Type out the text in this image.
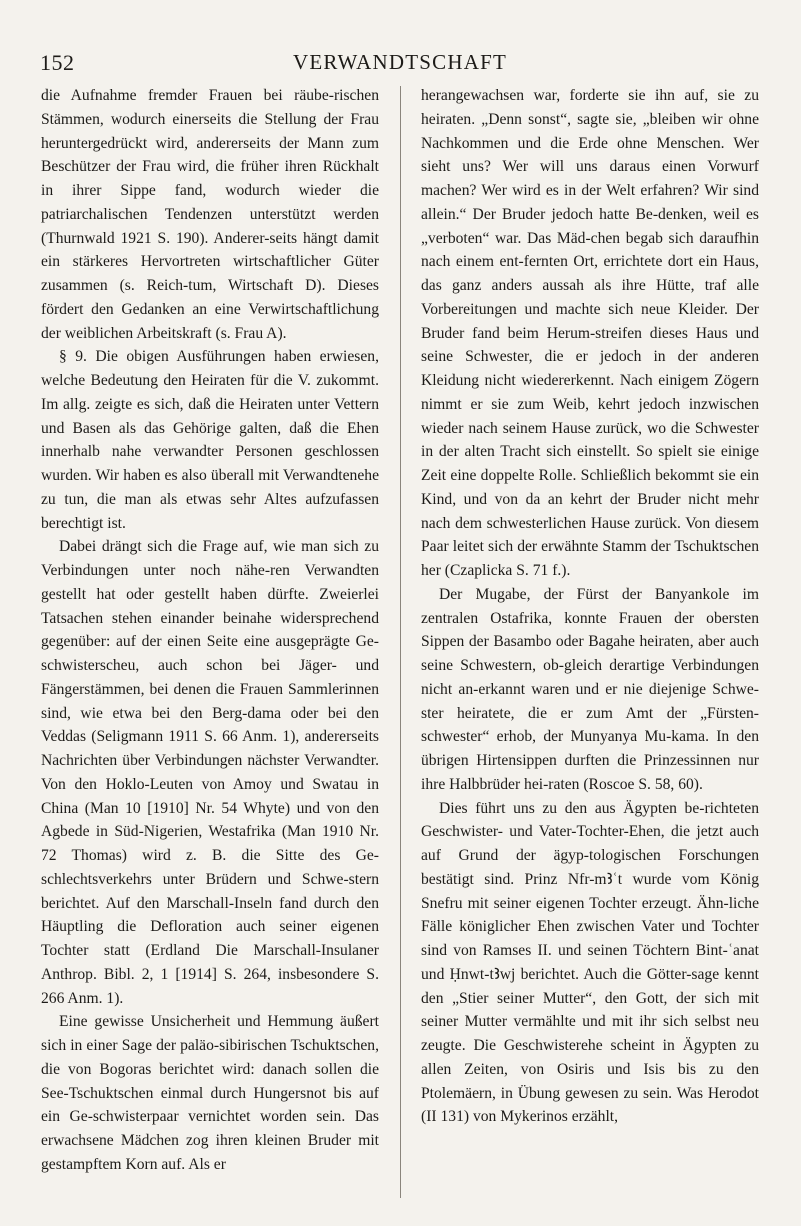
152	VERWANDTSCHAFT

die Aufnahme fremder Frauen bei räube-rischen Stämmen, wodurch einerseits die Stellung der Frau heruntergedrückt wird, andererseits der Mann zum Beschützer der Frau wird, die früher ihren Rückhalt in ihrer Sippe fand, wodurch wieder die patriarchalischen Tendenzen unterstützt werden (Thurnwald 1921 S. 190). Anderer-seits hängt damit ein stärkeres Hervortreten wirtschaftlicher Güter zusammen (s. Reich-tum, Wirtschaft D). Dieses fördert den Gedanken an eine Verwirtschaftlichung der weiblichen Arbeitskraft (s. Frau A).

§ 9. Die obigen Ausführungen haben erwiesen, welche Bedeutung den Heiraten für die V. zukommt. Im allg. zeigte es sich, daß die Heiraten unter Vettern und Basen als das Gehörige galten, daß die Ehen innerhalb nahe verwandter Personen geschlossen wurden. Wir haben es also überall mit Verwandtenehe zu tun, die man als etwas sehr Altes aufzufassen berechtigt ist.

Dabei drängt sich die Frage auf, wie man sich zu Verbindungen unter noch nähe-ren Verwandten gestellt hat oder gestellt haben dürfte. Zweierlei Tatsachen stehen einander beinahe widersprechend gegenüber: auf der einen Seite eine ausgeprägte Ge-schwisterscheu, auch schon bei Jäger- und Fängerstämmen, bei denen die Frauen Sammlerinnen sind, wie etwa bei den Berg-dama oder bei den Veddas (Seligmann 1911 S. 66 Anm. 1), andererseits Nachrichten über Verbindungen nächster Verwandter. Von den Hoklo-Leuten von Amoy und Swatau in China (Man 10 [1910] Nr. 54 Whyte) und von den Agbede in Süd-Nigerien, Westafrika (Man 1910 Nr. 72 Thomas) wird z. B. die Sitte des Ge-schlechtsverkehrs unter Brüdern und Schwe-stern berichtet. Auf den Marschall-Inseln fand durch den Häuptling die Defloration auch seiner eigenen Tochter statt (Erdland Die Marschall-Insulaner Anthrop. Bibl. 2, 1 [1914] S. 264, insbesondere S. 266 Anm. 1).

Eine gewisse Unsicherheit und Hemmung äußert sich in einer Sage der paläo-sibirischen Tschuktschen, die von Bogoras berichtet wird: danach sollen die See-Tschuktschen einmal durch Hungersnot bis auf ein Ge-schwisterpaar vernichtet worden sein. Das erwachsene Mädchen zog ihren kleinen Bruder mit gestampftem Korn auf. Als er

herangewachsen war, forderte sie ihn auf, sie zu heiraten. „Denn sonst“, sagte sie, „bleiben wir ohne Nachkommen und die Erde ohne Menschen. Wer sieht uns? Wer will uns daraus einen Vorwurf machen? Wer wird es in der Welt erfahren? Wir sind allein.“ Der Bruder jedoch hatte Be-denken, weil es „verboten“ war. Das Mäd-chen begab sich daraufhin nach einem ent-fernten Ort, errichtete dort ein Haus, das ganz anders aussah als ihre Hütte, traf alle Vorbereitungen und machte sich neue Kleider. Der Bruder fand beim Herum-streifen dieses Haus und seine Schwester, die er jedoch in der anderen Kleidung nicht wiedererkennt. Nach einigem Zögern nimmt er sie zum Weib, kehrt jedoch inzwischen wieder nach seinem Hause zurück, wo die Schwester in der alten Tracht sich einstellt. So spielt sie einige Zeit eine doppelte Rolle. Schließlich bekommt sie ein Kind, und von da an kehrt der Bruder nicht mehr nach dem schwesterlichen Hause zurück. Von diesem Paar leitet sich der erwähnte Stamm der Tschuktschen her (Czaplicka S. 71 f.).

Der Mugabe, der Fürst der Banyankole im zentralen Ostafrika, konnte Frauen der obersten Sippen der Basambo oder Bagahe heiraten, aber auch seine Schwestern, ob-gleich derartige Verbindungen nicht an-erkannt waren und er nie diejenige Schwe-ster heiratete, die er zum Amt der „Fürsten-schwester“ erhob, der Munyanya Mu-kama. In den übrigen Hirtensippen durften die Prinzessinnen nur ihre Halbbrüder hei-raten (Roscoe S. 58, 60).

Dies führt uns zu den aus Ägypten be-richteten Geschwister- und Vater-Tochter-Ehen, die jetzt auch auf Grund der ägyp-tologischen Forschungen bestätigt sind. Prinz Nfr-mꜢʿt wurde vom König Snefru mit seiner eigenen Tochter erzeugt. Ähn-liche Fälle königlicher Ehen zwischen Vater und Tochter sind von Ramses II. und seinen Töchtern Bint-ʿanat und Ḥnwt-tꜢwj berichtet. Auch die Götter-sage kennt den „Stier seiner Mutter“, den Gott, der sich mit seiner Mutter vermählte und mit ihr sich selbst neu zeugte. Die Geschwisterehe scheint in Ägypten zu allen Zeiten, von Osiris und Isis bis zu den Ptolemäern, in Übung gewesen zu sein. Was Herodot (II 131) von Mykerinos erzählt,
